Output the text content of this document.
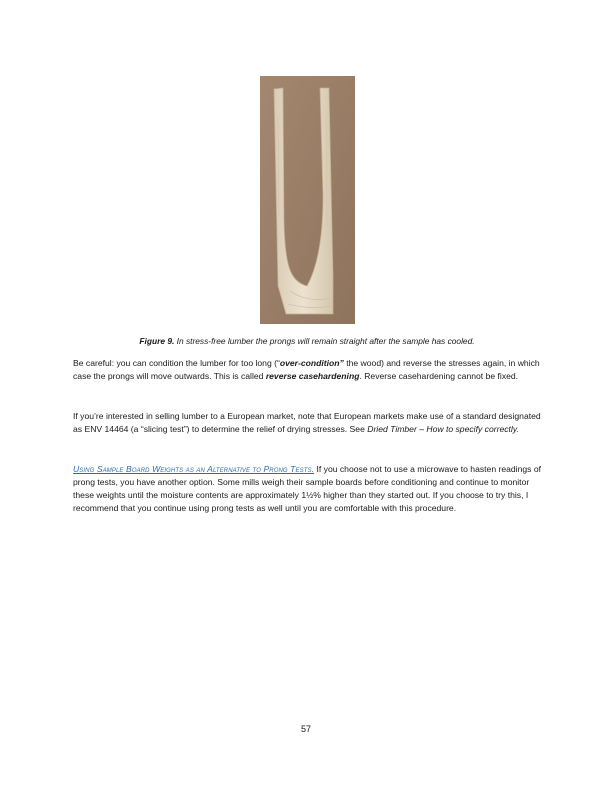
Figure 9. In stress-free lumber the prongs will remain straight after the sample has cooled.

Be careful: you can condition the lumber for too long (“over-condition” the wood) and reverse the stresses again, in which case the prongs will move outwards. This is called reverse casehardening. Reverse casehardening cannot be fixed.

If you’re interested in selling lumber to a European market, note that European markets make use of a standard designated as ENV 14464 (a “slicing test”) to determine the relief of drying stresses. See Dried Timber – How to specify correctly.

Using Sample Board Weights as an Alternative to Prong Tests. If you choose not to use a microwave to hasten readings of prong tests, you have another option. Some mills weigh their sample boards before conditioning and continue to monitor these weights until the moisture contents are approximately 1½% higher than they started out. If you choose to try this, I recommend that you continue using prong tests as well until you are comfortable with this procedure.

57
